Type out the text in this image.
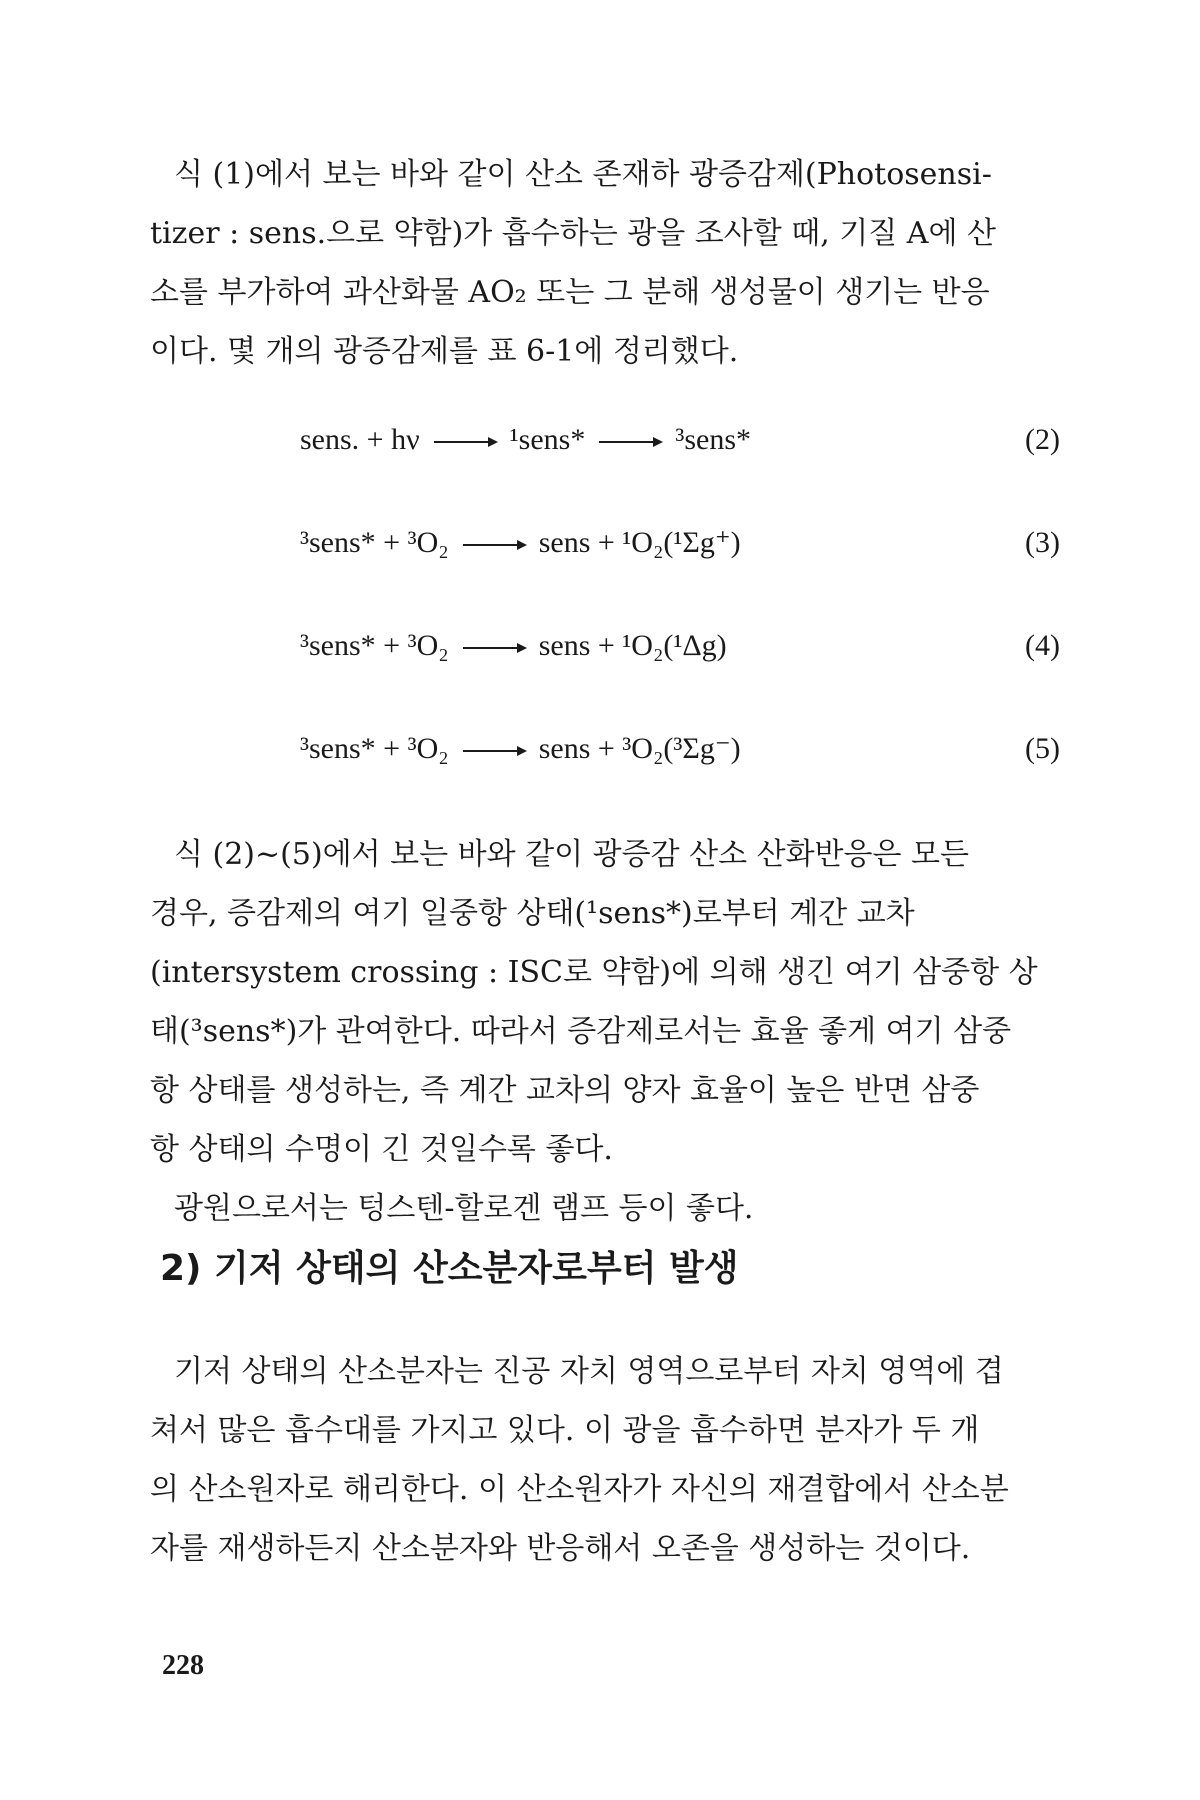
식 (1)에서 보는 바와 같이 산소 존재하 광증감제(Photosensi-
tizer : sens.으로 약함)가 흡수하는 광을 조사할 때, 기질 A에 산
소를 부가하여 과산화물 AO₂ 또는 그 분해 생성물이 생기는 반응
이다. 몇 개의 광증감제를 표 6-1에 정리했다.
sens. + hν → ¹sens* → ³sens*	(2)
³sens* + ³O₂ → sens + ¹O₂(¹Σg⁺)	(3)
³sens* + ³O₂ → sens + ¹O₂(¹Δg)	(4)
³sens* + ³O₂ → sens + ³O₂(³Σg⁻)	(5)
식 (2)~(5)에서 보는 바와 같이 광증감 산소 산화반응은 모든
경우, 증감제의 여기 일중항 상태(¹sens*)로부터 계간 교차
(intersystem crossing : ISC로 약함)에 의해 생긴 여기 삼중항 상
태(³sens*)가 관여한다. 따라서 증감제로서는 효율 좋게 여기 삼중
항 상태를 생성하는, 즉 계간 교차의 양자 효율이 높은 반면 삼중
항 상태의 수명이 긴 것일수록 좋다.
광원으로서는 텅스텐-할로겐 램프 등이 좋다.
2) 기저 상태의 산소분자로부터 발생
기저 상태의 산소분자는 진공 자치 영역으로부터 자치 영역에 겹
쳐서 많은 흡수대를 가지고 있다. 이 광을 흡수하면 분자가 두 개
의 산소원자로 해리한다. 이 산소원자가 자신의 재결합에서 산소분
자를 재생하든지 산소분자와 반응해서 오존을 생성하는 것이다.
228
